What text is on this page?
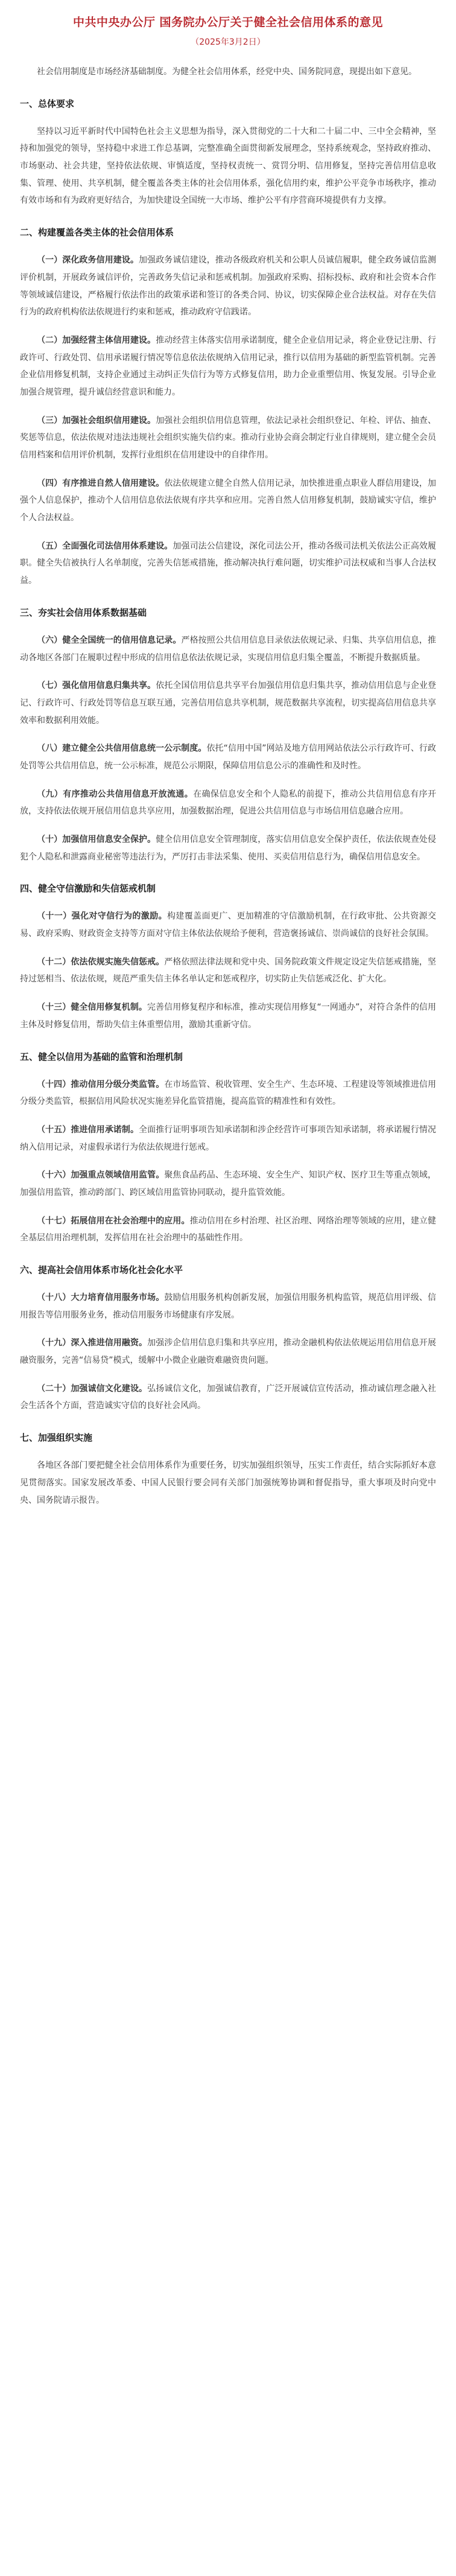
中共中央办公厅 国务院办公厅关于健全社会信用体系的意见
（2025年3月2日）

社会信用制度是市场经济基础制度。为健全社会信用体系，经党中央、国务院同意，现提出如下意见。

一、总体要求

坚持以习近平新时代中国特色社会主义思想为指导，深入贯彻党的二十大和二十届二中、三中全会精神，坚持和加强党的领导，坚持稳中求进工作总基调，完整准确全面贯彻新发展理念，坚持系统观念，坚持政府推动、市场驱动、社会共建，坚持依法依规、审慎适度，坚持权责统一、赏罚分明、信用修复，坚持完善信用信息收集、管理、使用、共享机制，健全覆盖各类主体的社会信用体系，强化信用约束，维护公平竞争市场秩序，推动有效市场和有为政府更好结合，为加快建设全国统一大市场、维护公平有序营商环境提供有力支撑。

二、构建覆盖各类主体的社会信用体系

（一）深化政务信用建设。加强政务诚信建设，推动各级政府机关和公职人员诚信履职，健全政务诚信监测评价机制，开展政务诚信评价，完善政务失信记录和惩戒机制。加强政府采购、招标投标、政府和社会资本合作等领域诚信建设，严格履行依法作出的政策承诺和签订的各类合同、协议，切实保障企业合法权益。对存在失信行为的政府机构依法依规进行约束和惩戒，推动政府守信践诺。

（二）加强经营主体信用建设。推动经营主体落实信用承诺制度，健全企业信用记录，将企业登记注册、行政许可、行政处罚、信用承诺履行情况等信息依法依规纳入信用记录，推行以信用为基础的新型监管机制。完善企业信用修复机制，支持企业通过主动纠正失信行为等方式修复信用，助力企业重塑信用、恢复发展。引导企业加强合规管理，提升诚信经营意识和能力。

（三）加强社会组织信用建设。加强社会组织信用信息管理，依法记录社会组织登记、年检、评估、抽查、奖惩等信息，依法依规对违法违规社会组织实施失信约束。推动行业协会商会制定行业自律规则，建立健全会员信用档案和信用评价机制，发挥行业组织在信用建设中的自律作用。

（四）有序推进自然人信用建设。依法依规建立健全自然人信用记录，加快推进重点职业人群信用建设，加强个人信息保护，推动个人信用信息依法依规有序共享和应用。完善自然人信用修复机制，鼓励诚实守信，维护个人合法权益。

（五）全面强化司法信用体系建设。加强司法公信建设，深化司法公开，推动各级司法机关依法公正高效履职。健全失信被执行人名单制度，完善失信惩戒措施，推动解决执行难问题，切实维护司法权威和当事人合法权益。

三、夯实社会信用体系数据基础

（六）健全全国统一的信用信息记录。严格按照公共信用信息目录依法依规记录、归集、共享信用信息，推动各地区各部门在履职过程中形成的信用信息依法依规记录，实现信用信息归集全覆盖，不断提升数据质量。

（七）强化信用信息归集共享。依托全国信用信息共享平台加强信用信息归集共享，推动信用信息与企业登记、行政许可、行政处罚等信息互联互通，完善信用信息共享机制，规范数据共享流程，切实提高信用信息共享效率和数据利用效能。

（八）建立健全公共信用信息统一公示制度。依托“信用中国”网站及地方信用网站依法公示行政许可、行政处罚等公共信用信息，统一公示标准，规范公示期限，保障信用信息公示的准确性和及时性。

（九）有序推动公共信用信息开放流通。在确保信息安全和个人隐私的前提下，推动公共信用信息有序开放，支持依法依规开展信用信息共享应用，加强数据治理，促进公共信用信息与市场信用信息融合应用。

（十）加强信用信息安全保护。健全信用信息安全管理制度，落实信用信息安全保护责任，依法依规查处侵犯个人隐私和泄露商业秘密等违法行为，严厉打击非法采集、使用、买卖信用信息行为，确保信用信息安全。

四、健全守信激励和失信惩戒机制

（十一）强化对守信行为的激励。构建覆盖面更广、更加精准的守信激励机制，在行政审批、公共资源交易、政府采购、财政资金支持等方面对守信主体依法依规给予便利，营造褒扬诚信、崇尚诚信的良好社会氛围。

（十二）依法依规实施失信惩戒。严格依照法律法规和党中央、国务院政策文件规定设定失信惩戒措施，坚持过惩相当、依法依规，规范严重失信主体名单认定和惩戒程序，切实防止失信惩戒泛化、扩大化。

（十三）健全信用修复机制。完善信用修复程序和标准，推动实现信用修复“一网通办”，对符合条件的信用主体及时修复信用，帮助失信主体重塑信用，激励其重新守信。

五、健全以信用为基础的监管和治理机制

（十四）推动信用分级分类监管。在市场监管、税收管理、安全生产、生态环境、工程建设等领域推进信用分级分类监管，根据信用风险状况实施差异化监管措施，提高监管的精准性和有效性。

（十五）推进信用承诺制。全面推行证明事项告知承诺制和涉企经营许可事项告知承诺制，将承诺履行情况纳入信用记录，对虚假承诺行为依法依规进行惩戒。

（十六）加强重点领域信用监管。聚焦食品药品、生态环境、安全生产、知识产权、医疗卫生等重点领域，加强信用监管，推动跨部门、跨区域信用监管协同联动，提升监管效能。

（十七）拓展信用在社会治理中的应用。推动信用在乡村治理、社区治理、网络治理等领域的应用，建立健全基层信用治理机制，发挥信用在社会治理中的基础性作用。

六、提高社会信用体系市场化社会化水平

（十八）大力培育信用服务市场。鼓励信用服务机构创新发展，加强信用服务机构监管，规范信用评级、信用报告等信用服务业务，推动信用服务市场健康有序发展。

（十九）深入推进信用融资。加强涉企信用信息归集和共享应用，推动金融机构依法依规运用信用信息开展融资服务，完善“信易贷”模式，缓解中小微企业融资难融资贵问题。

（二十）加强诚信文化建设。弘扬诚信文化，加强诚信教育，广泛开展诚信宣传活动，推动诚信理念融入社会生活各个方面，营造诚实守信的良好社会风尚。

七、加强组织实施

各地区各部门要把健全社会信用体系作为重要任务，切实加强组织领导，压实工作责任，结合实际抓好本意见贯彻落实。国家发展改革委、中国人民银行要会同有关部门加强统筹协调和督促指导，重大事项及时向党中央、国务院请示报告。
